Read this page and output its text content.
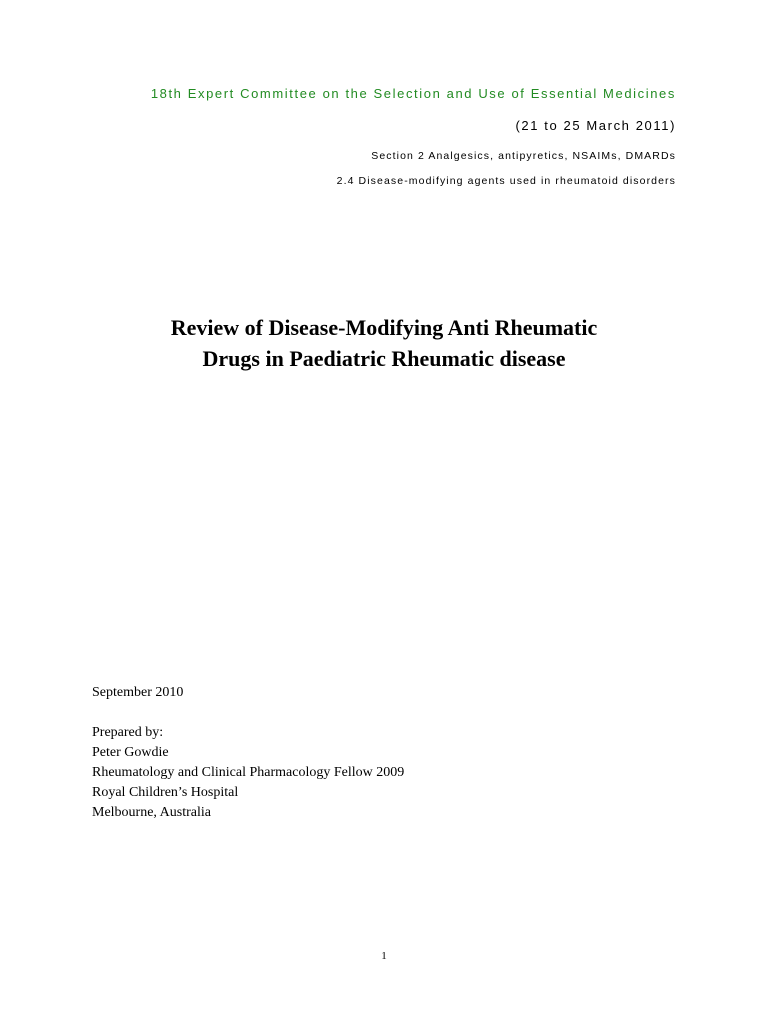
18th Expert Committee on the Selection and Use of Essential Medicines
(21 to 25 March 2011)
Section 2 Analgesics, antipyretics, NSAIMs, DMARDs
2.4 Disease-modifying agents used in rheumatoid disorders
Review of Disease-Modifying Anti Rheumatic
Drugs in Paediatric Rheumatic disease
September 2010
Prepared by:
Peter Gowdie
Rheumatology and Clinical Pharmacology Fellow 2009
Royal Children’s Hospital
Melbourne, Australia
1
